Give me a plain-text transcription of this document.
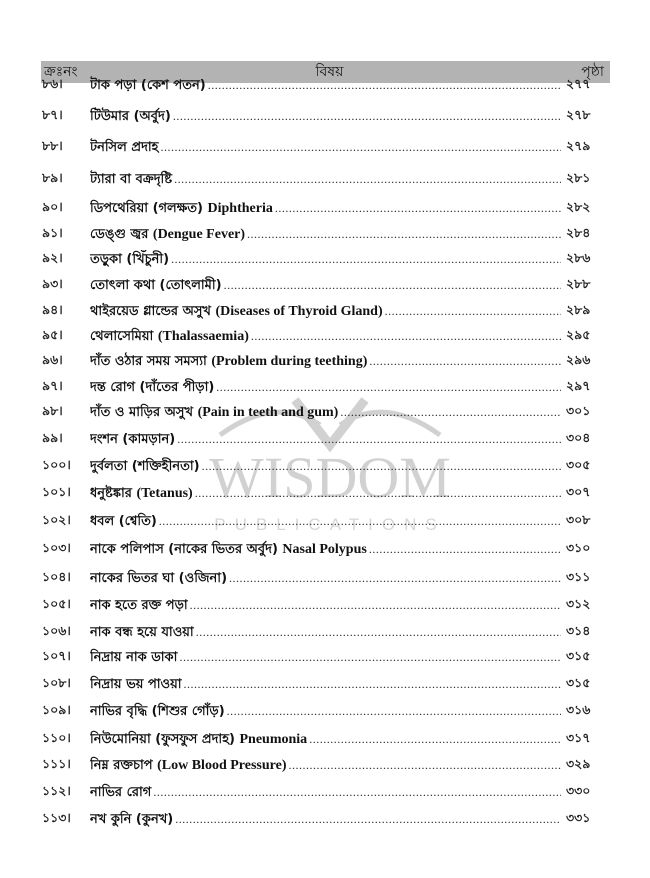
ক্রঃনং	বিষয়	পৃষ্ঠা
WISDOM
PUBLICATIONS
৮৬।	টাক পড়া (কেশ পতন) .....	২৭৭
৮৭।	টিউমার (অর্বুদ) .....	২৭৮
৮৮।	টনসিল প্রদাহ .....	২৭৯
৮৯।	ট্যারা বা বক্রদৃষ্টি .....	২৮১
৯০।	ডিপথেরিয়া (গলক্ষত) Diphtheria .....	২৮২
৯১।	ডেঙ্গু জ্বর (Dengue Fever) .....	২৮৪
৯২।	তড়ুকা (খিঁচুনী) .....	২৮৬
৯৩।	তোৎলা কথা (তোৎলামী) .....	২৮৮
৯৪।	থাইরয়েড গ্লান্ডের অসুখ (Diseases of Thyroid Gland) .....	২৮৯
৯৫।	থেলাসেমিয়া (Thalassaemia) .....	২৯৫
৯৬।	দাঁত ওঠার সময় সমস্যা (Problem during teething) .....	২৯৬
৯৭।	দন্ত রোগ (দাঁতের পীড়া) .....	২৯৭
৯৮।	দাঁত ও মাড়ির অসুখ (Pain in teeth and gum) .....	৩০১
৯৯।	দংশন (কামড়ান) .....	৩০৪
১০০।	দুর্বলতা (শক্তিহীনতা) .....	৩০৫
১০১।	ধনুষ্টঙ্কার (Tetanus) .....	৩০৭
১০২।	ধবল (শ্বেতি) .....	৩০৮
১০৩।	নাকে পলিপাস (নাকের ভিতর অর্বুদ) Nasal Polypus .....	৩১০
১০৪।	নাকের ভিতর ঘা (ওজিনা) .....	৩১১
১০৫।	নাক হতে রক্ত পড়া .....	৩১২
১০৬।	নাক বন্ধ হয়ে যাওয়া .....	৩১৪
১০৭।	নিদ্রায় নাক ডাকা .....	৩১৫
১০৮।	নিদ্রায় ভয় পাওয়া .....	৩১৫
১০৯।	নাভির বৃদ্ধি (শিশুর গোঁড়) .....	৩১৬
১১০।	নিউমোনিয়া (ফুসফুস প্রদাহ) Pneumonia .....	৩১৭
১১১।	নিম্ন রক্তচাপ (Low Blood Pressure) .....	৩২৯
১১২।	নাভির রোগ .....	৩৩০
১১৩।	নখ কুনি (কুনখ) .....	৩৩১
